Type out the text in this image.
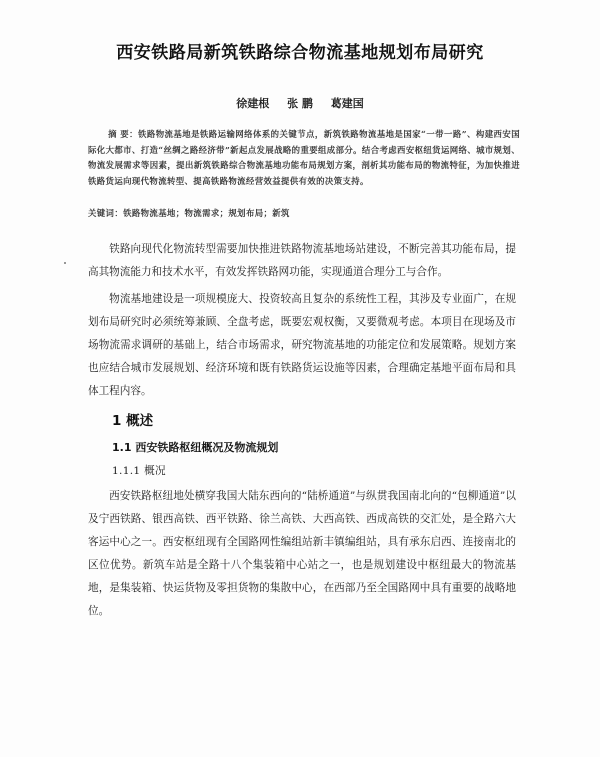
西安铁路局新筑铁路综合物流基地规划布局研究
徐建根 张 鹏 葛建国
摘 要：铁路物流基地是铁路运输网络体系的关键节点，新筑铁路物流基地是国家“一带一路”、构建西安国际化大都市、打造“丝绸之路经济带”新起点发展战略的重要组成部分。结合考虑西安枢纽货运网络、城市规划、物流发展需求等因素，提出新筑铁路综合物流基地功能布局规划方案，剖析其功能布局的物流特征，为加快推进铁路货运向现代物流转型、提高铁路物流经营效益提供有效的决策支持。
关键词：铁路物流基地；物流需求；规划布局；新筑
铁路向现代化物流转型需要加快推进铁路物流基地场站建设，不断完善其功能布局，提高其物流能力和技术水平，有效发挥铁路网功能，实现通道合理分工与合作。
物流基地建设是一项规模庞大、投资较高且复杂的系统性工程，其涉及专业面广，在规划布局研究时必须统筹兼顾、全盘考虑，既要宏观权衡，又要微观考虑。本项目在现场及市场物流需求调研的基础上，结合市场需求，研究物流基地的功能定位和发展策略。规划方案也应结合城市发展规划、经济环境和既有铁路货运设施等因素，合理确定基地平面布局和具体工程内容。
1 概述
1.1 西安铁路枢纽概况及物流规划
1.1.1 概况
西安铁路枢纽地处横穿我国大陆东西向的“陆桥通道”与纵贯我国南北向的“包柳通道”以及宁西铁路、银西高铁、西平铁路、徐兰高铁、大西高铁、西成高铁的交汇处，是全路六大客运中心之一。西安枢纽现有全国路网性编组站新丰镇编组站，具有承东启西、连接南北的区位优势。新筑车站是全路十八个集装箱中心站之一，也是规划建设中枢纽最大的物流基地，是集装箱、快运货物及零担货物的集散中心，在西部乃至全国路网中具有重要的战略地位。
